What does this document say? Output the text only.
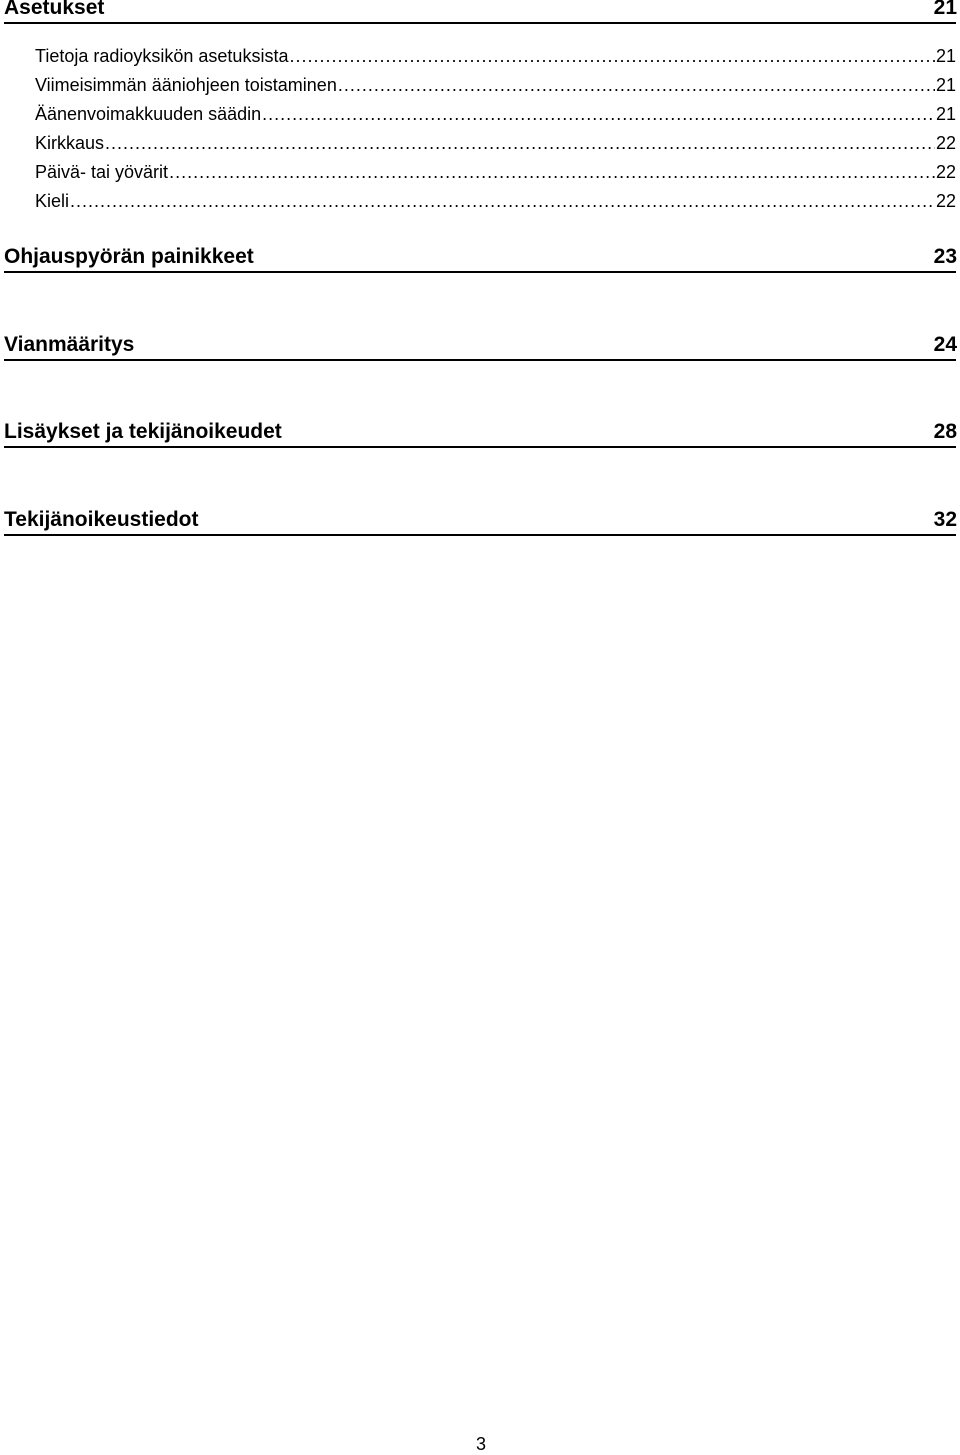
Asetukset	21
Tietoja radioyksikön asetuksista .....	21
Viimeisimmän ääniohjeen toistaminen .....	21
Äänenvoimakkuuden säädin .....	21
Kirkkaus .....	22
Päivä- tai yövärit .....	22
Kieli .....	22
Ohjauspyörän painikkeet	23
Vianmääritys	24
Lisäykset ja tekijänoikeudet	28
Tekijänoikeustiedot	32
3
